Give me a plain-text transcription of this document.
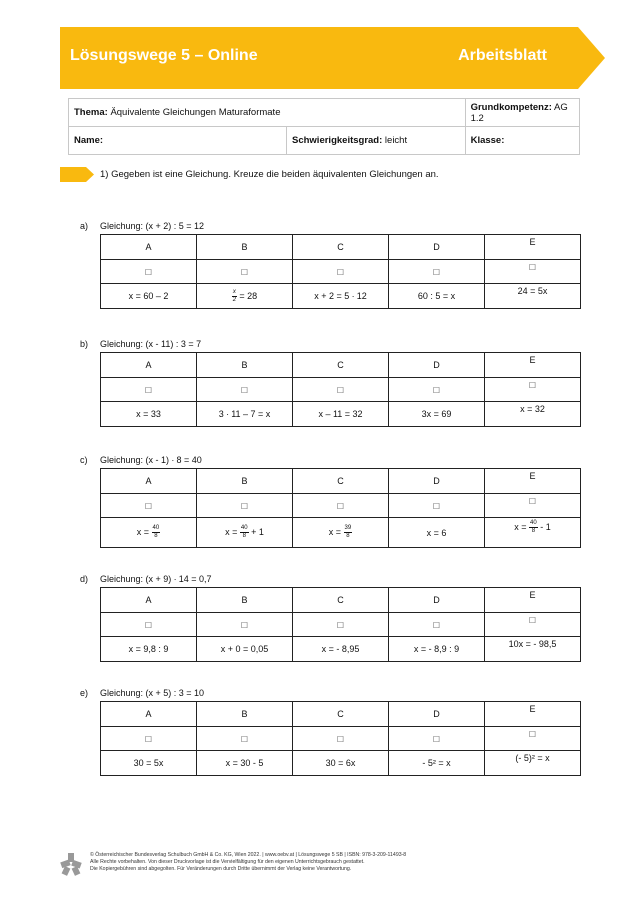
Lösungswege 5 – Online	Arbeitsblatt
Thema: Äquivalente Gleichungen Maturaformate		Grundkompetenz: AG 1.2
Name:	Schwierigkeitsgrad: leicht	Klasse:
1) Gegeben ist eine Gleichung. Kreuze die beiden äquivalenten Gleichungen an.
a) Gleichung: (x + 2) : 5 = 12
A	B	C	D	E
☐	☐	☐	☐	☐
x = 60 – 2	$\frac{x}{2} = 28$	x + 2 = 5 ∙ 12	60 : 5 = x	24 = 5x
b) Gleichung: (x - 11) : 3 = 7
A	B	C	D	E
☐	☐	☐	☐	☐
x = 33	3 ∙ 11 – 7 = x	x – 11 = 32	3x = 69	x = 32
c) Gleichung: (x - 1) ∙ 8 = 40
A	B	C	D	E
☐	☐	☐	☐	☐
$x = \frac{40}{8}$	$x = \frac{40}{8} + 1$	$x = \frac{39}{8}$	x = 6	$x = \frac{40}{8} - 1$
d) Gleichung: (x + 9) ∙ 14 = 0,7
A	B	C	D	E
☐	☐	☐	☐	☐
x = 9,8 : 9	x + 0 = 0,05	x = - 8,95	x = - 8,9 : 9	10x = - 98,5
e) Gleichung: (x + 5) : 3 = 10
A	B	C	D	E
☐	☐	☐	☐	☐
30 = 5x	x = 30 - 5	30 = 6x	- 5² = x	(- 5)² = x
© Österreichischer Bundesverlag Schulbuch GmbH & Co. KG, Wien 2022. | www.oebv.at | Lösungswege 5 SB | ISBN: 978-3-209-11493-8
Alle Rechte vorbehalten. Von dieser Druckvorlage ist die Vervielfältigung für den eigenen Unterrichtsgebrauch gestattet.
Die Kopiergebühren sind abgegolten. Für Veränderungen durch Dritte übernimmt der Verlag keine Verantwortung.
